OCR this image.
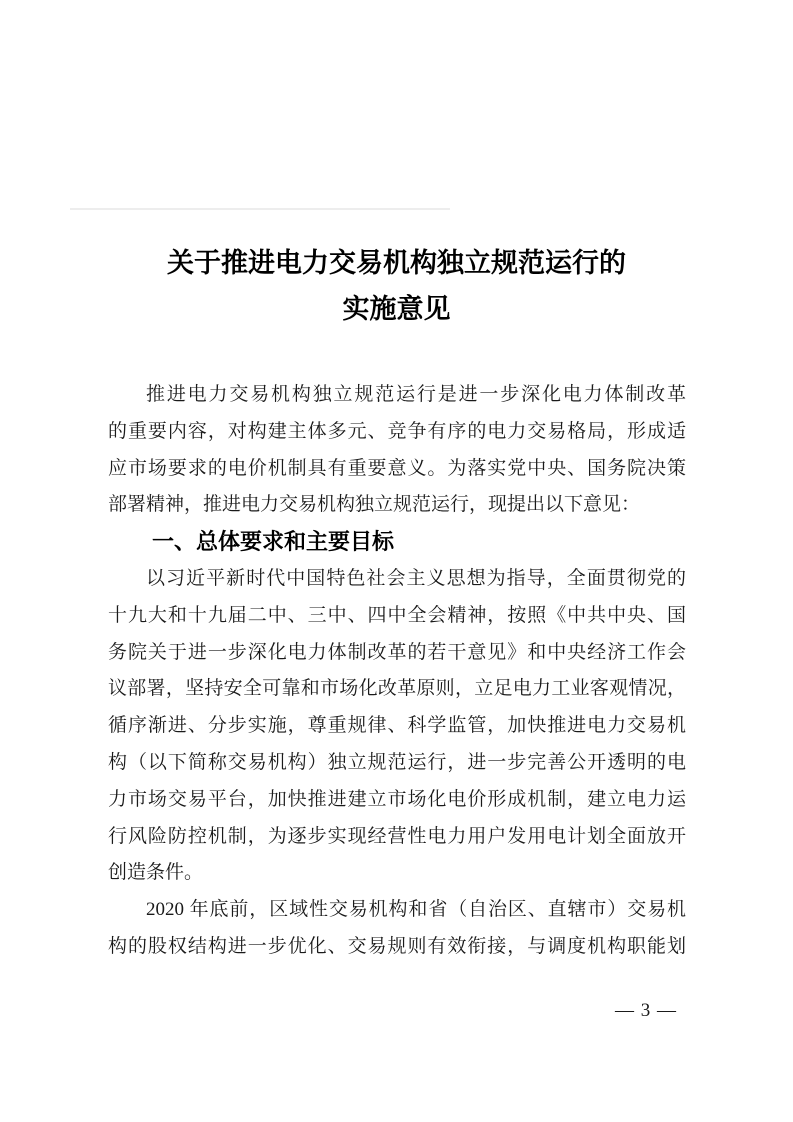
关于推进电力交易机构独立规范运行的
实施意见
推进电力交易机构独立规范运行是进一步深化电力体制改革
的重要内容，对构建主体多元、竞争有序的电力交易格局，形成适
应市场要求的电价机制具有重要意义。为落实党中央、国务院决策
部署精神，推进电力交易机构独立规范运行，现提出以下意见：
一、总体要求和主要目标
以习近平新时代中国特色社会主义思想为指导，全面贯彻党的
十九大和十九届二中、三中、四中全会精神，按照《中共中央、国
务院关于进一步深化电力体制改革的若干意见》和中央经济工作会
议部署，坚持安全可靠和市场化改革原则，立足电力工业客观情况，
循序渐进、分步实施，尊重规律、科学监管，加快推进电力交易机
构（以下简称交易机构）独立规范运行，进一步完善公开透明的电
力市场交易平台，加快推进建立市场化电价形成机制，建立电力运
行风险防控机制，为逐步实现经营性电力用户发用电计划全面放开
创造条件。
2020 年底前，区域性交易机构和省（自治区、直辖市）交易机
构的股权结构进一步优化、交易规则有效衔接，与调度机构职能划
— 3 —
